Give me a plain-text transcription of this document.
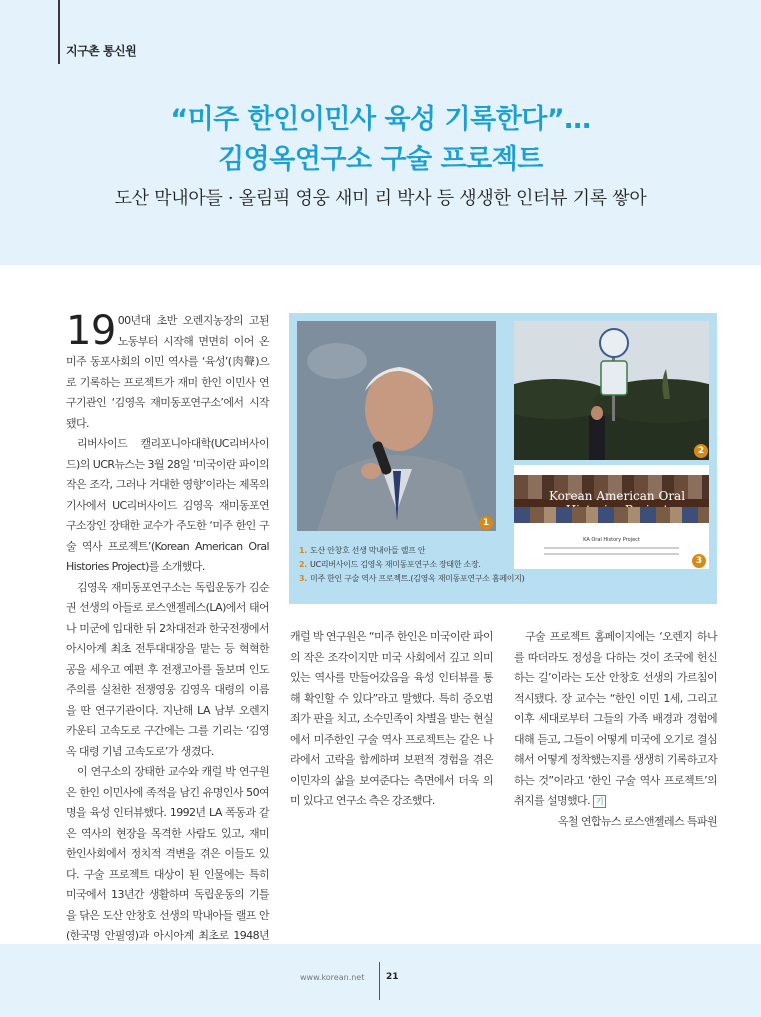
지구촌 통신원
“미주 한인이민사 육성 기록한다”…
김영옥연구소 구술 프로젝트
도산 막내아들 · 올림픽 영웅 새미 리 박사 등 생생한 인터뷰 기록 쌓아

19 00년대 초반 오렌지농장의 고된 노동부터 시작해 면면히 이어 온 미주 동포사회의 이민 역사를 ‘육성’(肉聲)으로 기록하는 프로젝트가 재미 한인 이민사 연구기관인 ‘김영옥 재미동포연구소’에서 시작됐다.

리버사이드 캘리포니아대학(UC리버사이드)의 UCR뉴스는 3월 28일 ‘미국이란 파이의 작은 조각, 그러나 거대한 영향’이라는 제목의 기사에서 UC리버사이드 김영옥 재미동포연구소장인 장태한 교수가 주도한 ‘미주 한인 구술 역사 프로젝트’(Korean American Oral Histories Project)를 소개했다.

김영옥 재미동포연구소는 독립운동가 김순권 선생의 아들로 로스앤젤레스(LA)에서 태어나 미군에 입대한 뒤 2차대전과 한국전쟁에서 아시아계 최초 전투대대장을 맡는 등 혁혁한 공을 세우고 예편 후 전쟁고아를 돌보며 인도주의를 실천한 전쟁영웅 김영옥 대령의 이름을 딴 연구기관이다. 지난해 LA 남부 오렌지카운티 고속도로 구간에는 그를 기리는 ‘김영옥 대령 기념 고속도로’가 생겼다.

이 연구소의 장태한 교수와 캐럴 박 연구원은 한인 이민사에 족적을 남긴 유명인사 50여 명을 육성 인터뷰했다. 1992년 LA 폭동과 같은 역사의 현장을 목격한 사람도 있고, 재미 한인사회에서 정치적 격변을 겪은 이들도 있다. 구술 프로젝트 대상이 된 인물에는 특히 미국에서 13년간 생활하며 독립운동의 기틀을 닦은 도산 안창호 선생의 막내아들 랠프 안(한국명 안필영)과 아시아계 최초로 1948년

1
2
Korean American Oral
KA Oral History Project
3
1. 도산 안창호 선생 막내아들 랠프 안
2. UC리버사이드 김영옥 재미동포연구소 장태한 소장.
3. 미주 한인 구술 역사 프로젝트.(김영옥 재미동포연구소 홈페이지)

캐럴 박 연구원은 “미주 한인은 미국이란 파이의 작은 조각이지만 미국 사회에서 깊고 의미 있는 역사를 만들어갔음을 육성 인터뷰를 통해 확인할 수 있다”라고 말했다. 특히 증오범죄가 판을 치고, 소수민족이 차별을 받는 현실에서 미주한인 구술 역사 프로젝트는 같은 나라에서 고락을 함께하며 보편적 경험을 겪은 이민자의 삶을 보여준다는 측면에서 더욱 의미 있다고 연구소 측은 강조했다.

구술 프로젝트 홈페이지에는 ‘오렌지 하나를 따더라도 정성을 다하는 것이 조국에 헌신하는 길’이라는 도산 안창호 선생의 가르침이 적시됐다. 장 교수는 “한인 이민 1세, 그리고 이후 세대로부터 그들의 가족 배경과 경험에 대해 듣고, 그들이 어떻게 미국에 오기로 결심해서 어떻게 정착했는지를 생생히 기록하고자 하는 것”이라고 ‘한인 구술 역사 프로젝트’의 취지를 설명했다. 기

옥철 연합뉴스 로스앤젤레스 특파원

www.korean.net 21
